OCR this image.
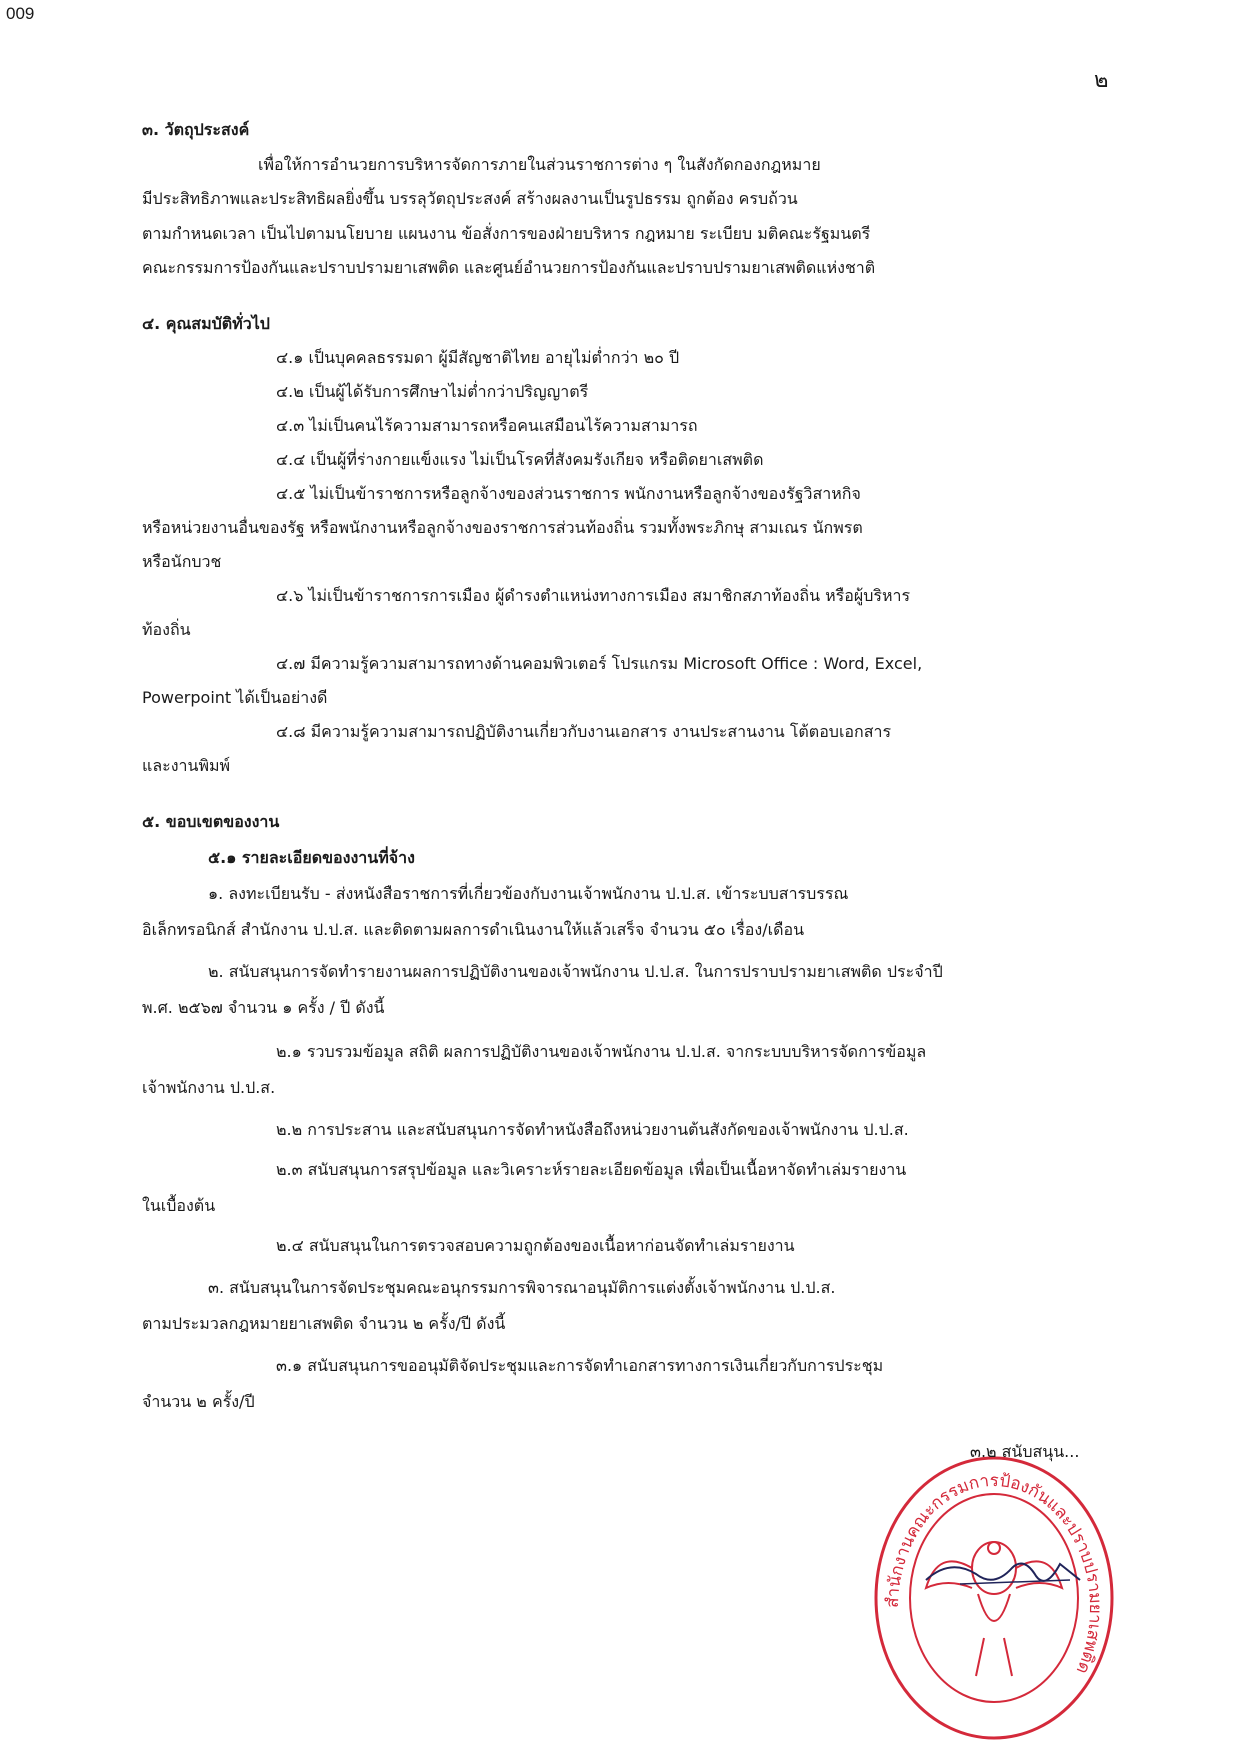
009
๒
๓. วัตถุประสงค์
เพื่อให้การอำนวยการบริหารจัดการภายในส่วนราชการต่าง ๆ ในสังกัดกองกฎหมาย
มีประสิทธิภาพและประสิทธิผลยิ่งขึ้น บรรลุวัตถุประสงค์ สร้างผลงานเป็นรูปธรรม ถูกต้อง ครบถ้วน
ตามกำหนดเวลา เป็นไปตามนโยบาย แผนงาน ข้อสั่งการของฝ่ายบริหาร กฎหมาย ระเบียบ มติคณะรัฐมนตรี
คณะกรรมการป้องกันและปราบปรามยาเสพติด และศูนย์อำนวยการป้องกันและปราบปรามยาเสพติดแห่งชาติ
๔. คุณสมบัติทั่วไป
๔.๑ เป็นบุคคลธรรมดา ผู้มีสัญชาติไทย อายุไม่ต่ำกว่า ๒๐ ปี
๔.๒ เป็นผู้ได้รับการศึกษาไม่ต่ำกว่าปริญญาตรี
๔.๓ ไม่เป็นคนไร้ความสามารถหรือคนเสมือนไร้ความสามารถ
๔.๔ เป็นผู้ที่ร่างกายแข็งแรง ไม่เป็นโรคที่สังคมรังเกียจ หรือติดยาเสพติด
๔.๕ ไม่เป็นข้าราชการหรือลูกจ้างของส่วนราชการ พนักงานหรือลูกจ้างของรัฐวิสาหกิจ
หรือหน่วยงานอื่นของรัฐ หรือพนักงานหรือลูกจ้างของราชการส่วนท้องถิ่น รวมทั้งพระภิกษุ สามเณร นักพรต
หรือนักบวช
๔.๖ ไม่เป็นข้าราชการการเมือง ผู้ดำรงตำแหน่งทางการเมือง สมาชิกสภาท้องถิ่น หรือผู้บริหาร
ท้องถิ่น
๔.๗ มีความรู้ความสามารถทางด้านคอมพิวเตอร์ โปรแกรม Microsoft Office : Word, Excel,
Powerpoint ได้เป็นอย่างดี
๔.๘ มีความรู้ความสามารถปฏิบัติงานเกี่ยวกับงานเอกสาร งานประสานงาน โต้ตอบเอกสาร
และงานพิมพ์
๕. ขอบเขตของงาน
๕.๑ รายละเอียดของงานที่จ้าง
๑. ลงทะเบียนรับ - ส่งหนังสือราชการที่เกี่ยวข้องกับงานเจ้าพนักงาน ป.ป.ส. เข้าระบบสารบรรณ
อิเล็กทรอนิกส์ สำนักงาน ป.ป.ส. และติดตามผลการดำเนินงานให้แล้วเสร็จ จำนวน ๕๐ เรื่อง/เดือน
๒. สนับสนุนการจัดทำรายงานผลการปฏิบัติงานของเจ้าพนักงาน ป.ป.ส. ในการปราบปรามยาเสพติด ประจำปี
พ.ศ. ๒๕๖๗ จำนวน ๑ ครั้ง / ปี ดังนี้
๒.๑ รวบรวมข้อมูล สถิติ ผลการปฏิบัติงานของเจ้าพนักงาน ป.ป.ส. จากระบบบริหารจัดการข้อมูล
เจ้าพนักงาน ป.ป.ส.
๒.๒ การประสาน และสนับสนุนการจัดทำหนังสือถึงหน่วยงานต้นสังกัดของเจ้าพนักงาน ป.ป.ส.
๒.๓ สนับสนุนการสรุปข้อมูล และวิเคราะห์รายละเอียดข้อมูล เพื่อเป็นเนื้อหาจัดทำเล่มรายงาน
ในเบื้องต้น
๒.๔ สนับสนุนในการตรวจสอบความถูกต้องของเนื้อหาก่อนจัดทำเล่มรายงาน
๓. สนับสนุนในการจัดประชุมคณะอนุกรรมการพิจารณาอนุมัติการแต่งตั้งเจ้าพนักงาน ป.ป.ส.
ตามประมวลกฎหมายยาเสพติด จำนวน ๒ ครั้ง/ปี ดังนี้
๓.๑ สนับสนุนการขออนุมัติจัดประชุมและการจัดทำเอกสารทางการเงินเกี่ยวกับการประชุม
จำนวน ๒ ครั้ง/ปี
สำนักงานคณะกรรมการป้องกันและปราบปรามยาเสพติด
๓.๒ สนับสนุน...
